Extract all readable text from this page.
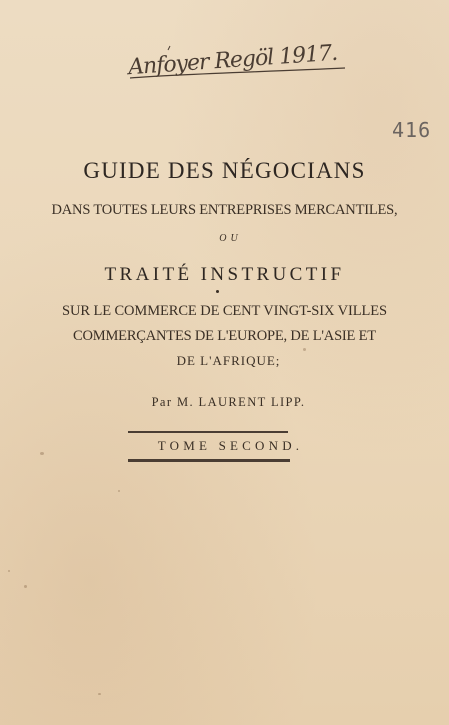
Anfoyer Regöl 1917.
416
GUIDE DES NÉGOCIANS
DANS TOUTES LEURS ENTREPRISES MERCANTILES,
OU
TRAITÉ INSTRUCTIF
SUR LE COMMERCE DE CENT VINGT-SIX VILLES
COMMERÇANTES DE L'EUROPE, DE L'ASIE ET
DE L'AFRIQUE;
Par M. LAURENT LIPP.
TOME SECOND.
